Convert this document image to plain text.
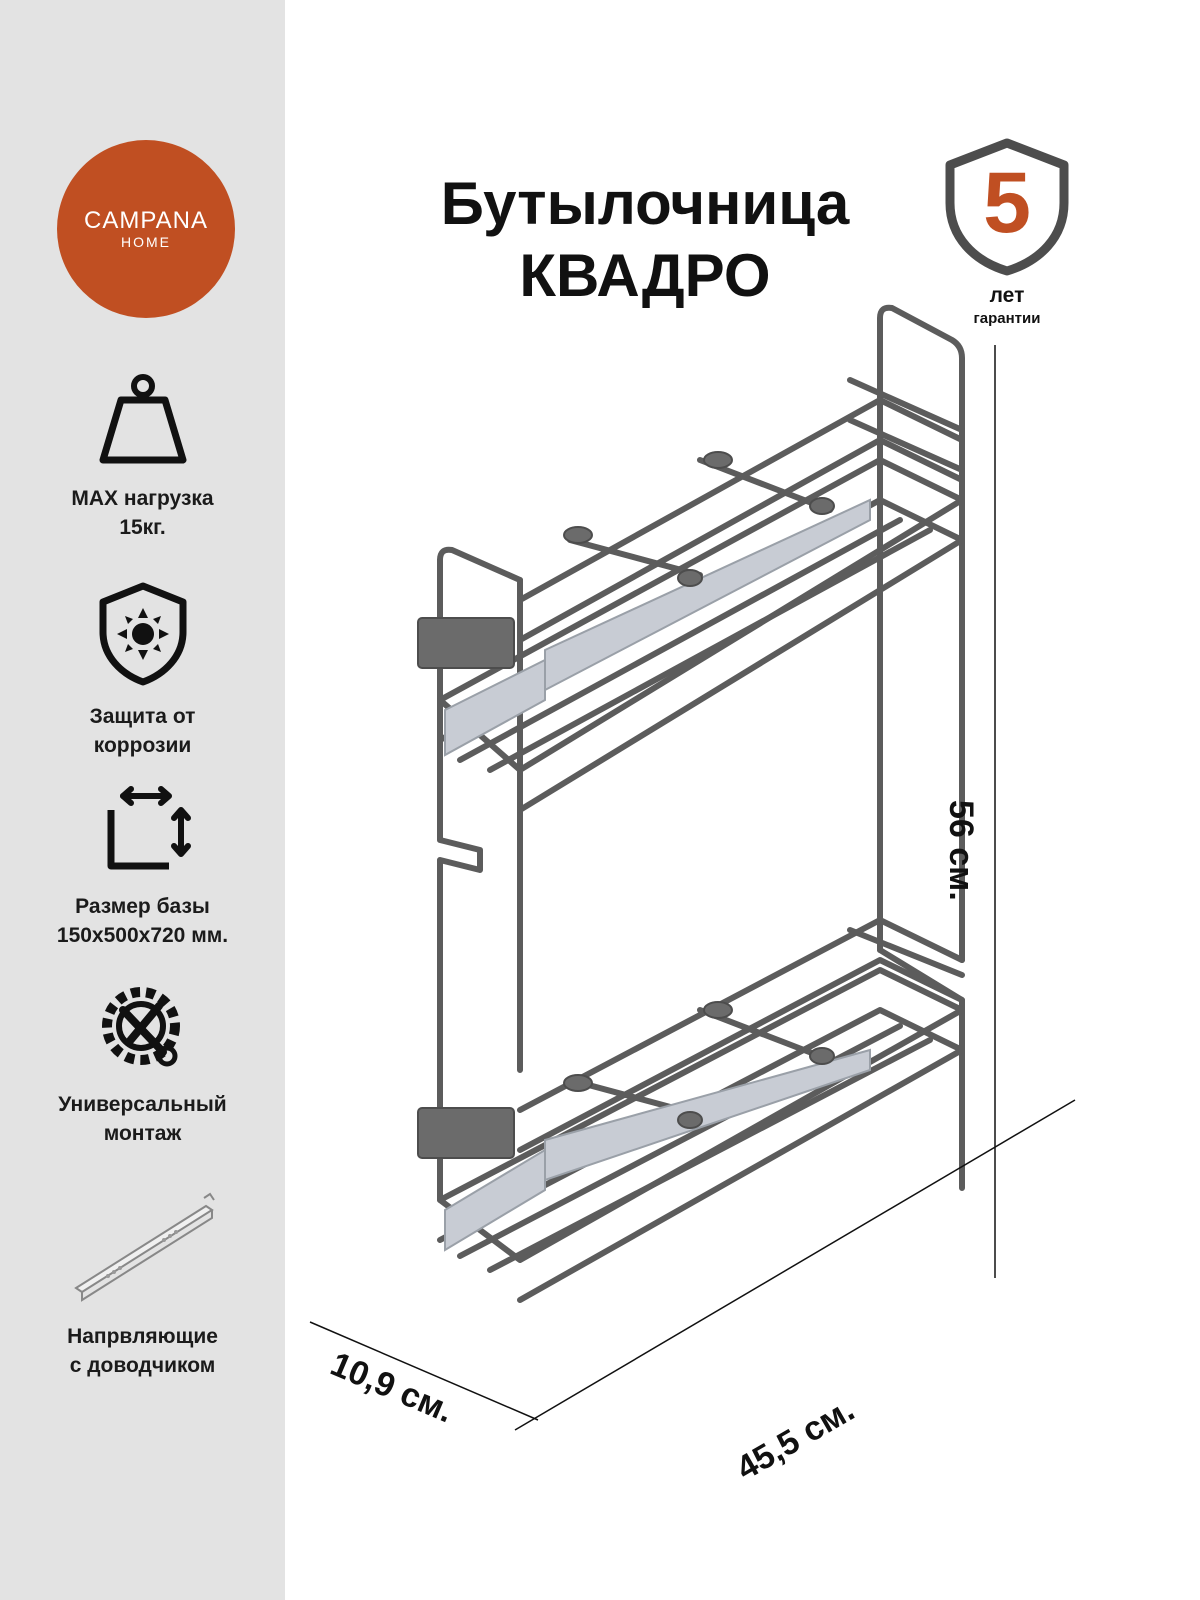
CAMPANA
HOME
MAX нагрузка
15кг.
Защита от
коррозии
Размер базы
150х500х720 мм.
Универсальный
монтаж
Напрвляющие
с доводчиком
Бутылочница
КВАДРО
5
лет
гарантии
56 см.
45,5 см.
10,9 см.
